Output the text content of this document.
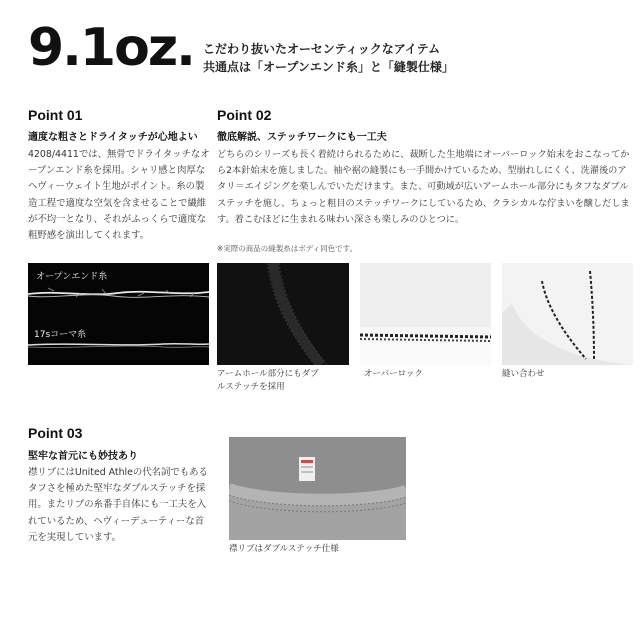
9.1oz. こだわり抜いたオーセンティックなアイテム
共通点は「オープンエンド糸」と「縫製仕様」
Point 01
適度な粗さとドライタッチが心地よい
4208/4411では、無骨でドライタッチなオープンエンド糸を採用。シャリ感と肉厚なヘヴィーウェイト生地がポイント。糸の製造工程で適度な空気を含ませることで繊維が不均一となり、それがふっくらで適度な粗野感を演出してくれます。
オープンエンド糸
17sコーマ糸
Point 02
徹底解説、ステッチワークにも一工夫
どちらのシリーズも長く着続けられるために、裁断した生地端にオーバーロック始末をおこなってから2本針始末を施しました。袖や裾の縫製にも一手間かけているため、型崩れしにくく、洗濯後のアタリ＝エイジングを楽しんでいただけます。また、可動域が広いアームホール部分にもタフなダブルステッチを施し、ちょっと粗目のステッチワークにしているため、クラシカルな佇まいを醸しだします。着こむほどに生まれる味わい深さも楽しみのひとつに。
※実際の商品の縫製糸はボディ同色です。
アームホール部分にもダブルステッチを採用
オーバーロック	縫い合わせ
Point 03
堅牢な首元にも妙技あり
襟リブにはUnited Athleの代名詞でもあるタフさを極めた堅牢なダブルステッチを採用。またリブの糸番手自体にも一工夫を入れているため、ヘヴィーデューティーな首元を実現しています。
襟リブはダブルステッチ仕様
